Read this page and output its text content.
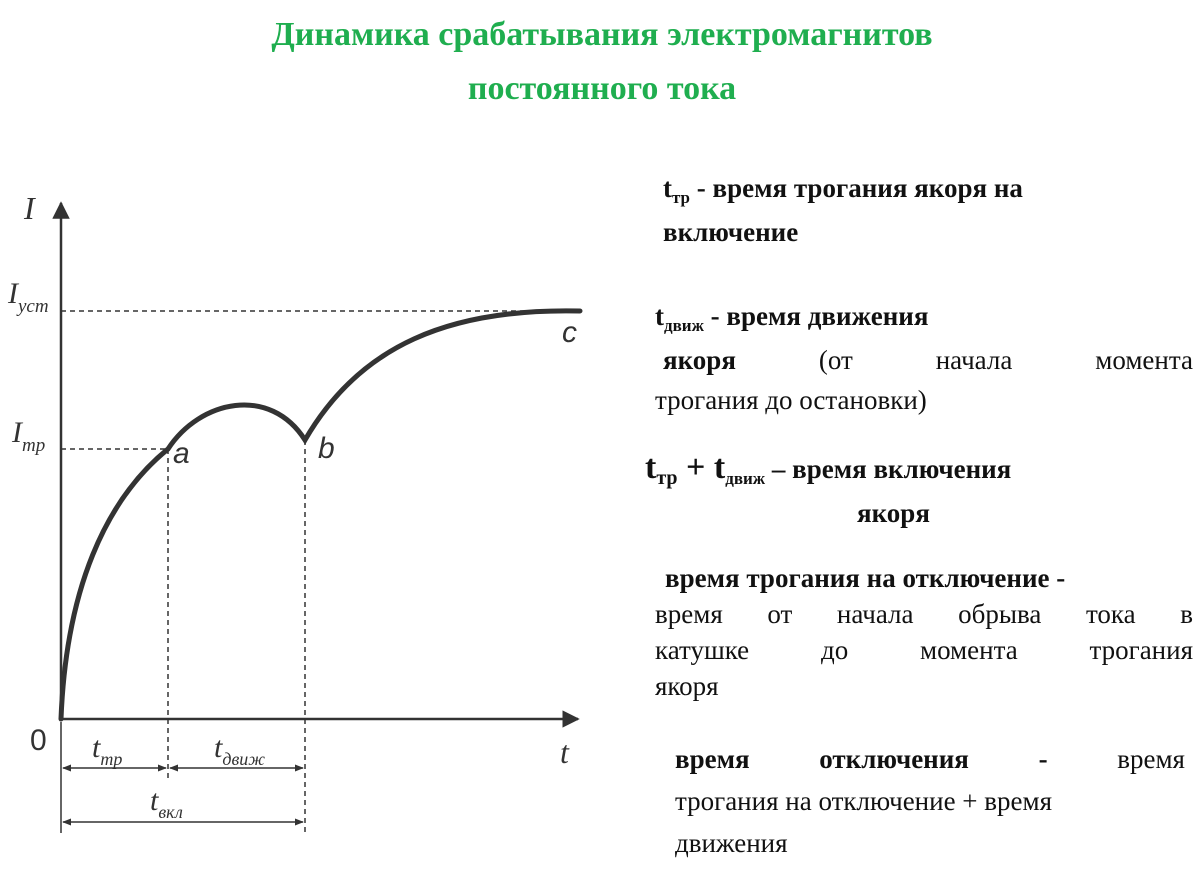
Динамика срабатывания электромагнитов
постоянного тока
I
t
0
$I_{уст}$
$I_{тр}$	a	b
c
$t_{тр}$	$t_{движ}$
$t_{вкл}$
$t_{тр}$ - время трогания якоря на
включение
$t_{движ}$ - время движения
якоря	(от	начала	момента
трогания до остановки)
$t_{тр} + t_{движ}$ – время включения
якоря
время трогания на отключение -
время от начала обрыва тока в
катушке	до	момента	трогания
якоря
время	отключения	-	время
трогания на отключение + время
движения
